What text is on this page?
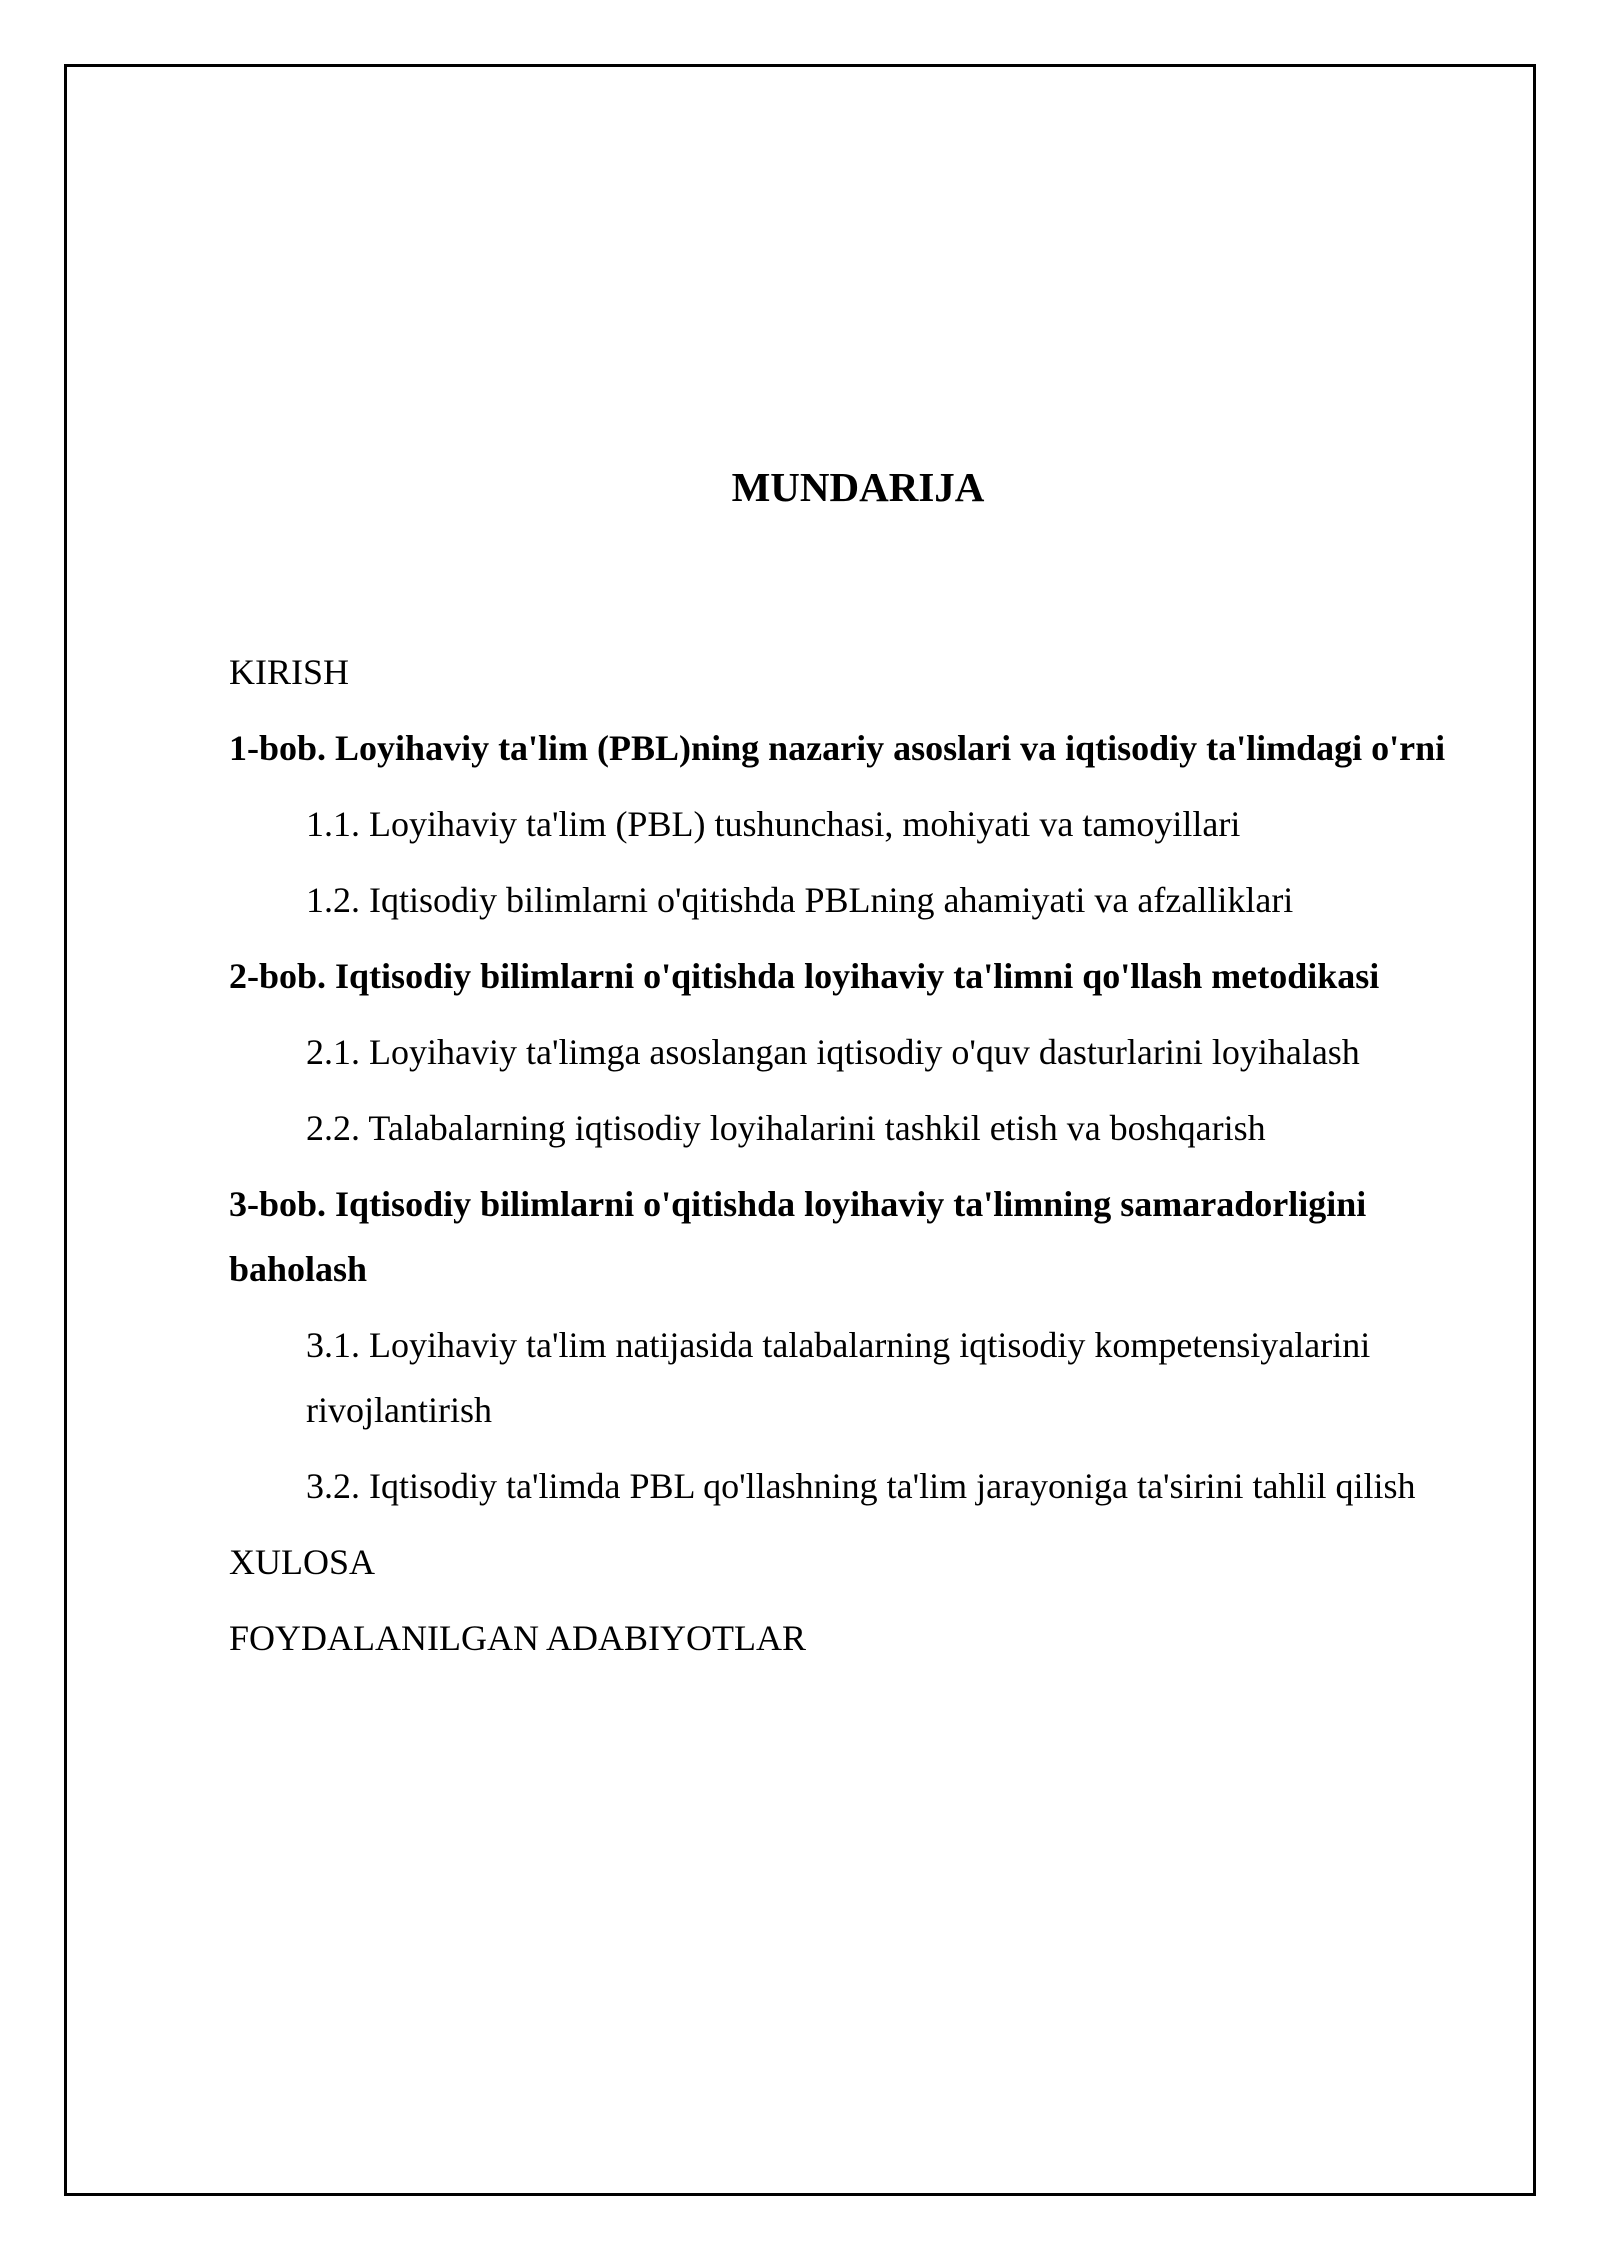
MUNDARIJA
KIRISH
1-bob. Loyihaviy ta'lim (PBL)ning nazariy asoslari va iqtisodiy ta'limdagi o'rni
1.1. Loyihaviy ta'lim (PBL) tushunchasi, mohiyati va tamoyillari
1.2. Iqtisodiy bilimlarni o'qitishda PBLning ahamiyati va afzalliklari
2-bob. Iqtisodiy bilimlarni o'qitishda loyihaviy ta'limni qo'llash metodikasi
2.1. Loyihaviy ta'limga asoslangan iqtisodiy o'quv dasturlarini loyihalash
2.2. Talabalarning iqtisodiy loyihalarini tashkil etish va boshqarish
3-bob. Iqtisodiy bilimlarni o'qitishda loyihaviy ta'limning samaradorligini baholash
3.1. Loyihaviy ta'lim natijasida talabalarning iqtisodiy kompetensiyalarini rivojlantirish
3.2. Iqtisodiy ta'limda PBL qo'llashning ta'lim jarayoniga ta'sirini tahlil qilish
XULOSA
FOYDALANILGAN ADABIYOTLAR
